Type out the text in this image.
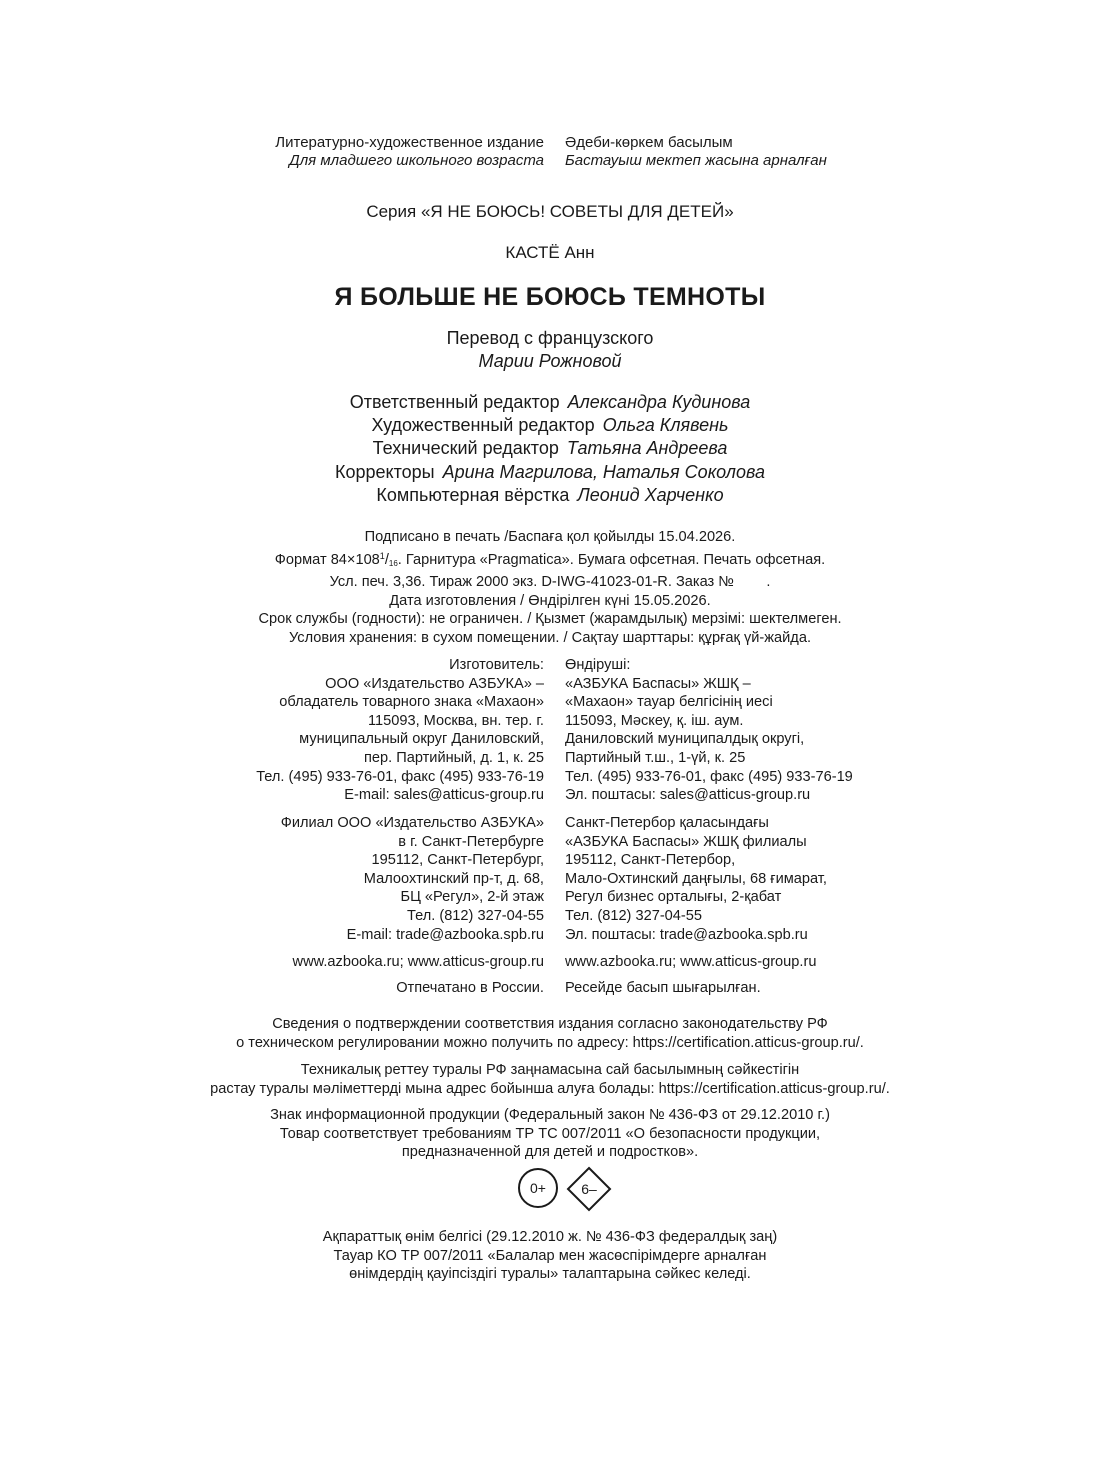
Литературно-художественное издание
Для младшего школьного возраста
Әдеби-көркем басылым
Бастауыш мектеп жасына арналған
Серия «Я НЕ БОЮСЬ! СОВЕТЫ ДЛЯ ДЕТЕЙ»
КАСТЁ Анн
Я БОЛЬШЕ НЕ БОЮСЬ ТЕМНОТЫ
Перевод с французского
Марии Рожновой
Ответственный редактор Александра Кудинова
Художественный редактор Ольга Клявень
Технический редактор Татьяна Андреева
Корректоры Арина Магрилова, Наталья Соколова
Компьютерная вёрстка Леонид Харченко
Подписано в печать /Баспаға қол қойылды 15.04.2026.
Формат $84\times 108^1/_{16}$. Гарнитура «Pragmatica». Бумага офсетная. Печать офсетная.
Усл. печ. 3,36. Тираж 2000 экз. D-IWG-41023-01-R. Заказ №        .
Дата изготовления / Өндірілген күні 15.05.2026.
Срок службы (годности): не ограничен. / Қызмет (жарамдылық) мерзімі: шектелмеген.
Условия хранения: в сухом помещении. / Сақтау шарттары: құрғақ үй-жайда.
Изготовитель:
ООО «Издательство АЗБУКА» –
обладатель товарного знака «Махаон»
115093, Москва, вн. тер. г.
муниципальный округ Даниловский,
пер. Партийный, д. 1, к. 25
Тел. (495) 933-76-01, факс (495) 933-76-19
E-mail: sales@atticus-group.ru
Өндіруші:
«АЗБУКА Баспасы» ЖШҚ –
«Махаон» тауар белгісінің иесі
115093, Мәскеу, қ. іш. аум.
Даниловский муниципалдық округі,
Партийный т.ш., 1-үй, к. 25
Тел. (495) 933-76-01, факс (495) 933-76-19
Эл. поштасы: sales@atticus-group.ru
Филиал ООО «Издательство АЗБУКА»
в г. Санкт-Петербурге
195112, Санкт-Петербург,
Малоохтинский пр-т, д. 68,
БЦ «Регул», 2-й этаж
Тел. (812) 327-04-55
E-mail: trade@azbooka.spb.ru
Санкт-Петербор қаласындағы
«АЗБУКА Баспасы» ЖШҚ филиалы
195112, Санкт-Петербор,
Мало-Охтинский даңғылы, 68 ғимарат,
Регул бизнес орталығы, 2-қабат
Тел. (812) 327-04-55
Эл. поштасы: trade@azbooka.spb.ru
www.azbooka.ru; www.atticus-group.ru www.azbooka.ru; www.atticus-group.ru
Отпечатано в России. Ресейде басып шығарылған.
Сведения о подтверждении соответствия издания согласно законодательству РФ
о техническом регулировании можно получить по адресу: https://certification.atticus-group.ru/.
Техникалық реттеу туралы РФ заңнамасына сай басылымның сәйкестігін
растау туралы мәліметтерді мына адрес бойынша алуға болады: https://certification.atticus-group.ru/.
Знак информационной продукции (Федеральный закон № 436-ФЗ от 29.12.2010 г.)
Товар соответствует требованиям ТР ТС 007/2011 «О безопасности продукции,
предназначенной для детей и подростков».
0+	6–
Ақпараттық өнім белгісі (29.12.2010 ж. № 436-ФЗ федералдық заң)
Тауар КО ТР 007/2011 «Балалар мен жасөспірімдерге арналған
өнімдердің қауіпсіздігі туралы» талаптарына сәйкес келеді.
